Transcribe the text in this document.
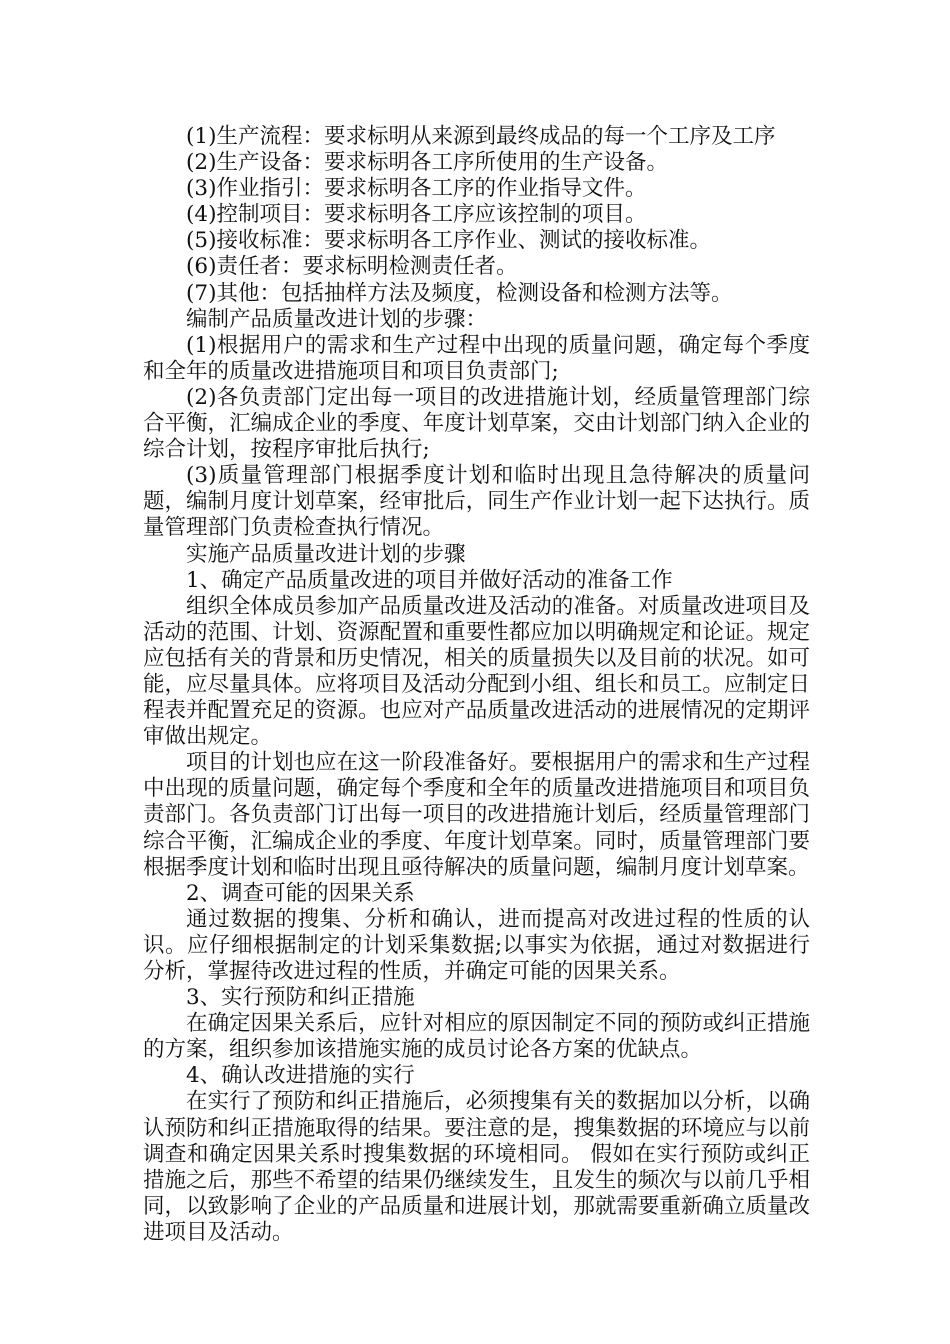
(1)生产流程：要求标明从来源到最终成品的每一个工序及工序

(2)生产设备：要求标明各工序所使用的生产设备。

(3)作业指引：要求标明各工序的作业指导文件。

(4)控制项目：要求标明各工序应该控制的项目。

(5)接收标准：要求标明各工序作业、测试的接收标准。

(6)责任者：要求标明检测责任者。

(7)其他：包括抽样方法及频度，检测设备和检测方法等。

编制产品质量改进计划的步骤：

(1)根据用户的需求和生产过程中出现的质量问题，确定每个季度和全年的质量改进措施项目和项目负责部门;

(2)各负责部门定出每一项目的改进措施计划，经质量管理部门综合平衡，汇编成企业的季度、年度计划草案，交由计划部门纳入企业的综合计划，按程序审批后执行;

(3)质量管理部门根据季度计划和临时出现且急待解决的质量问题，编制月度计划草案，经审批后，同生产作业计划一起下达执行。质量管理部门负责检查执行情况。

实施产品质量改进计划的步骤

1、确定产品质量改进的项目并做好活动的准备工作

组织全体成员参加产品质量改进及活动的准备。对质量改进项目及活动的范围、计划、资源配置和重要性都应加以明确规定和论证。规定应包括有关的背景和历史情况，相关的质量损失以及目前的状况。如可能，应尽量具体。应将项目及活动分配到小组、组长和员工。应制定日程表并配置充足的资源。也应对产品质量改进活动的进展情况的定期评审做出规定。

项目的计划也应在这一阶段准备好。要根据用户的需求和生产过程中出现的质量问题，确定每个季度和全年的质量改进措施项目和项目负责部门。各负责部门订出每一项目的改进措施计划后，经质量管理部门综合平衡，汇编成企业的季度、年度计划草案。同时，质量管理部门要根据季度计划和临时出现且亟待解决的质量问题，编制月度计划草案。

2、调查可能的因果关系

通过数据的搜集、分析和确认，进而提高对改进过程的性质的认识。应仔细根据制定的计划采集数据;以事实为依据，通过对数据进行分析，掌握待改进过程的性质，并确定可能的因果关系。

3、实行预防和纠正措施

在确定因果关系后，应针对相应的原因制定不同的预防或纠正措施的方案，组织参加该措施实施的成员讨论各方案的优缺点。

4、确认改进措施的实行

在实行了预防和纠正措施后，必须搜集有关的数据加以分析，以确认预防和纠正措施取得的结果。要注意的是，搜集数据的环境应与以前调查和确定因果关系时搜集数据的环境相同。 假如在实行预防或纠正措施之后，那些不希望的结果仍继续发生，且发生的频次与以前几乎相同，以致影响了企业的产品质量和进展计划，那就需要重新确立质量改进项目及活动。
